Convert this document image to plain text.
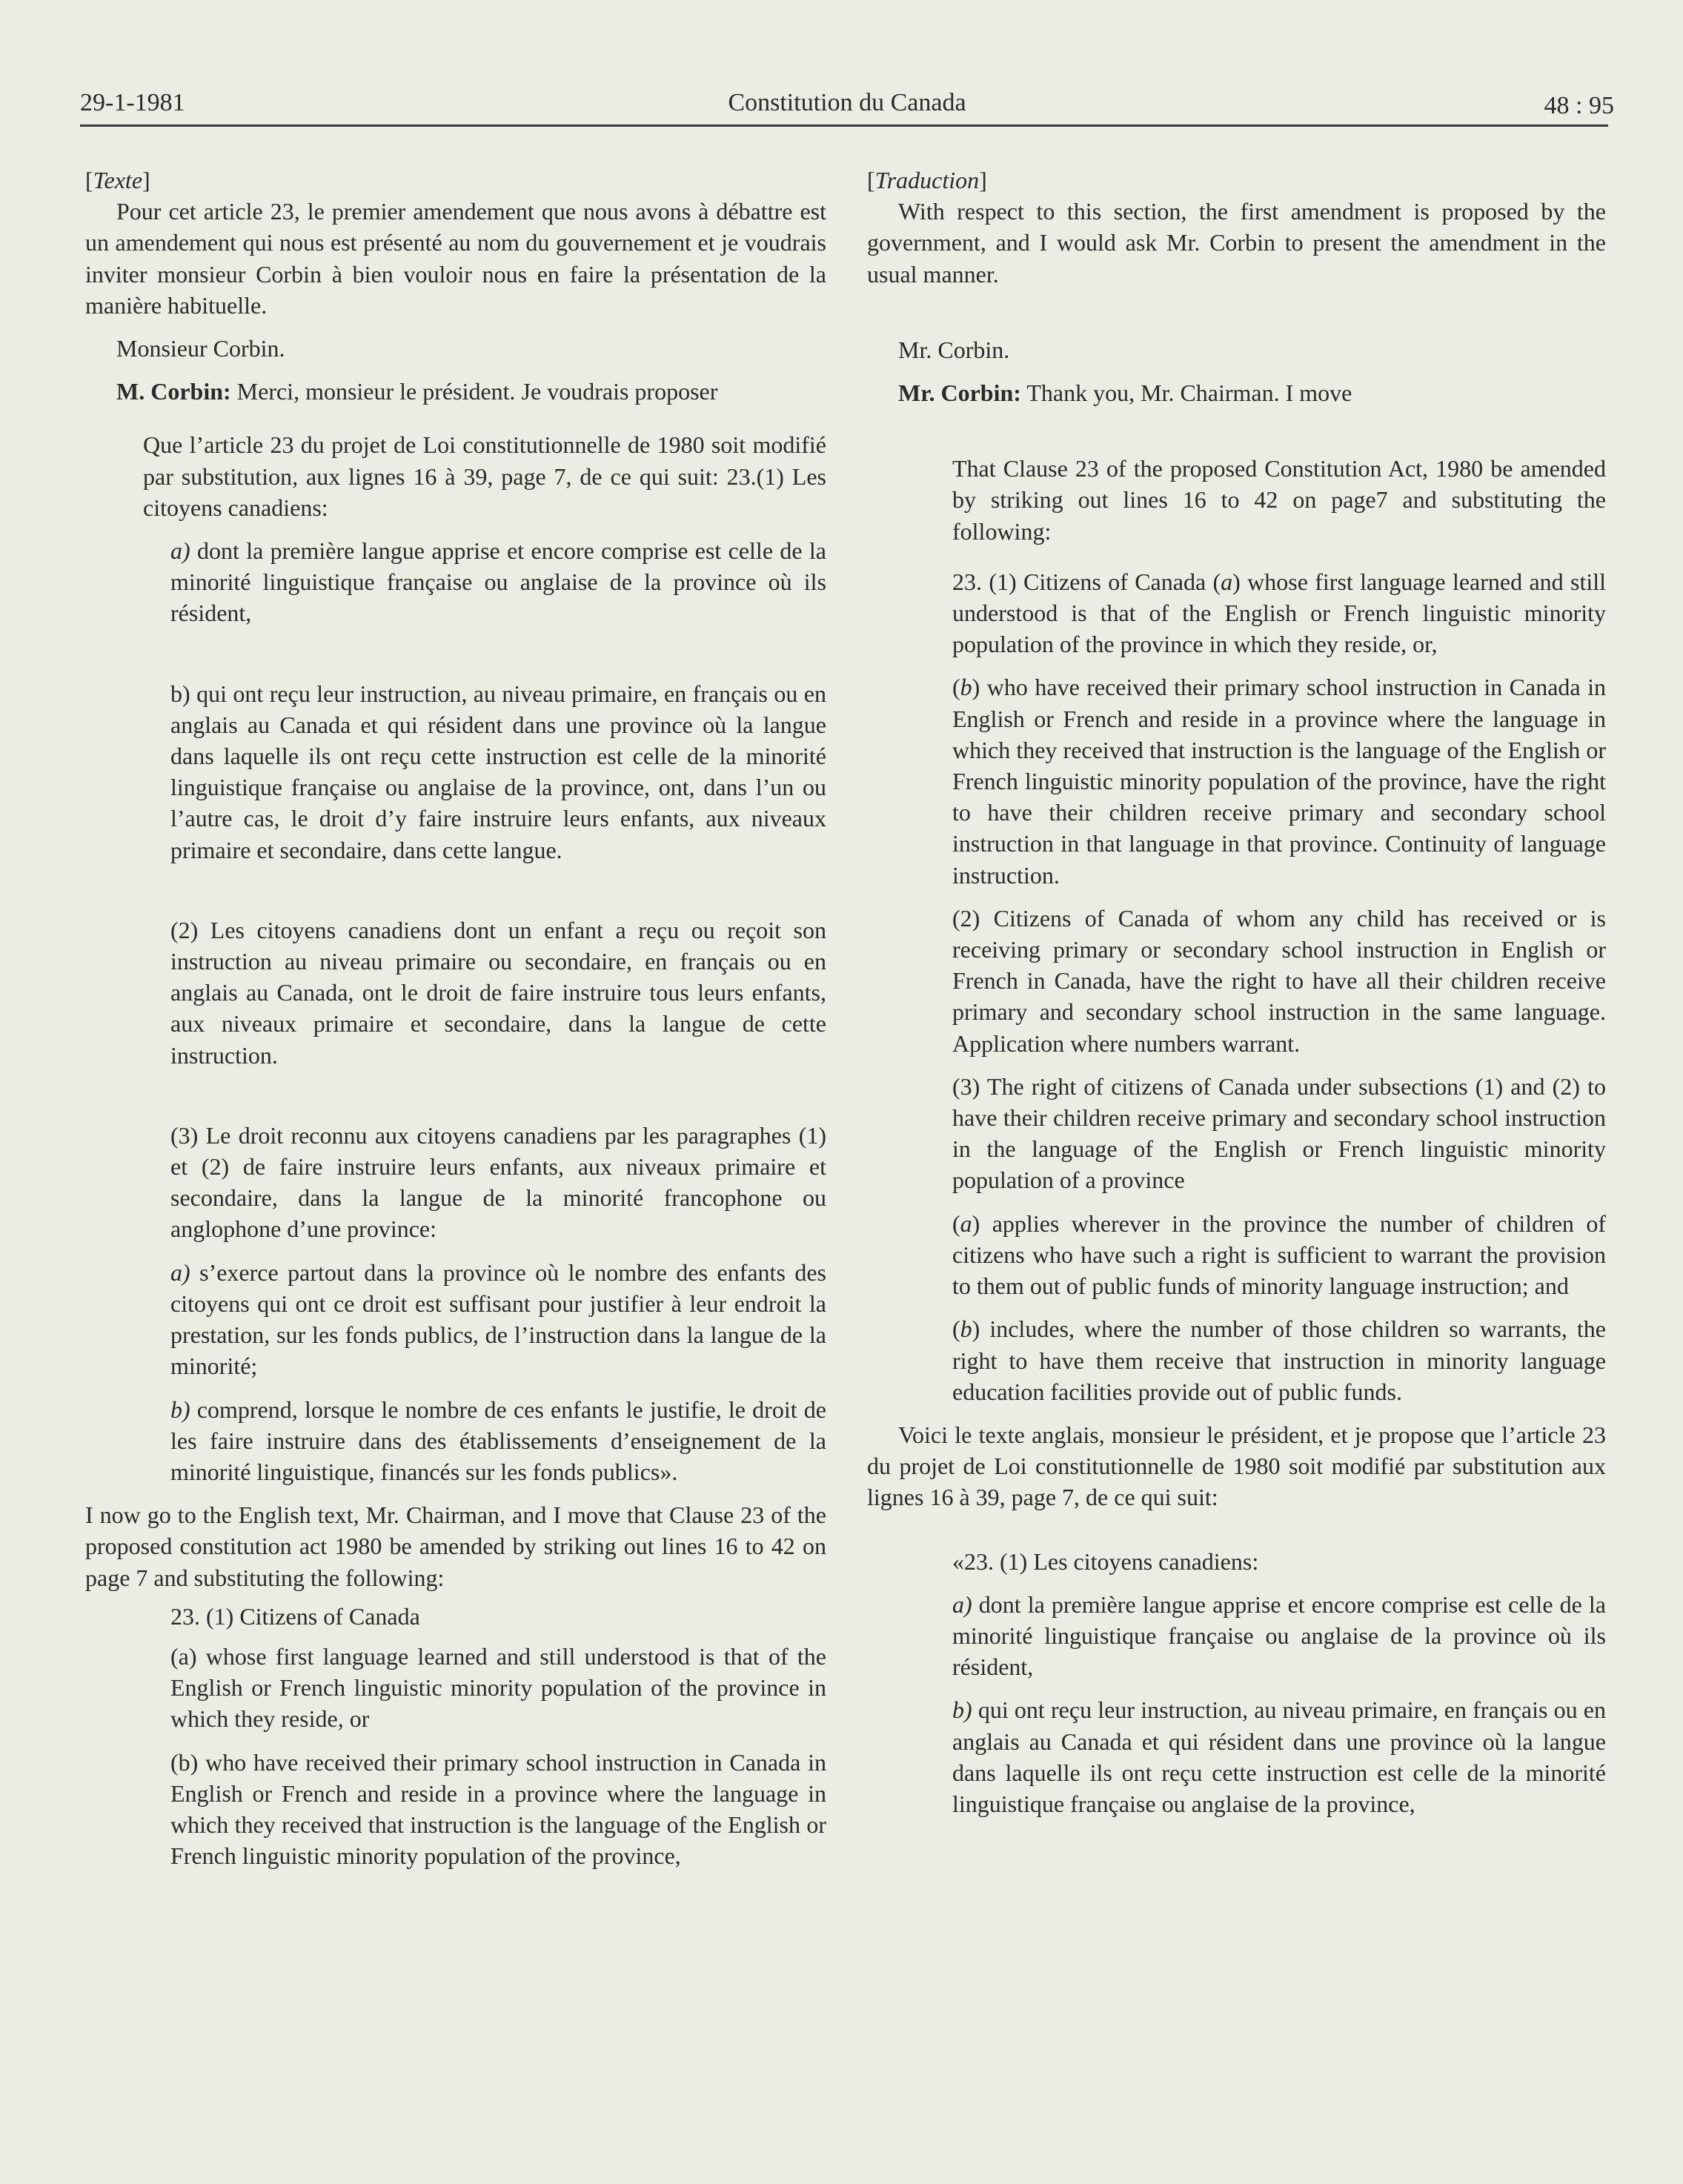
29-1-1981	Constitution du Canada	48 : 95

[Texte]

Pour cet article 23, le premier amendement que nous avons à débattre est un amendement qui nous est présenté au nom du gouvernement et je voudrais inviter monsieur Corbin à bien vouloir nous en faire la présentation de la manière habituelle.

Monsieur Corbin.

M. Corbin: Merci, monsieur le président. Je voudrais proposer

Que l’article 23 du projet de Loi constitutionnelle de 1980 soit modifié par substitution, aux lignes 16 à 39, page 7, de ce qui suit: 23.(1) Les citoyens canadiens:

a) dont la première langue apprise et encore comprise est celle de la minorité linguistique française ou anglaise de la province où ils résident,

b) qui ont reçu leur instruction, au niveau primaire, en français ou en anglais au Canada et qui résident dans une province où la langue dans laquelle ils ont reçu cette instruction est celle de la minorité linguistique française ou anglaise de la province, ont, dans l’un ou l’autre cas, le droit d’y faire instruire leurs enfants, aux niveaux primaire et secondaire, dans cette langue.

(2) Les citoyens canadiens dont un enfant a reçu ou reçoit son instruction au niveau primaire ou secondaire, en français ou en anglais au Canada, ont le droit de faire instruire tous leurs enfants, aux niveaux primaire et secondaire, dans la langue de cette instruction.

(3) Le droit reconnu aux citoyens canadiens par les paragraphes (1) et (2) de faire instruire leurs enfants, aux niveaux primaire et secondaire, dans la langue de la minorité francophone ou anglophone d’une province:

a) s’exerce partout dans la province où le nombre des enfants des citoyens qui ont ce droit est suffisant pour justifier à leur endroit la prestation, sur les fonds publics, de l’instruction dans la langue de la minorité;

b) comprend, lorsque le nombre de ces enfants le justifie, le droit de les faire instruire dans des établissements d’enseignement de la minorité linguistique, financés sur les fonds publics».

I now go to the English text, Mr. Chairman, and I move that Clause 23 of the proposed constitution act 1980 be amended by striking out lines 16 to 42 on page 7 and substituting the following:

23. (1) Citizens of Canada

(a) whose first language learned and still understood is that of the English or French linguistic minority population of the province in which they reside, or

(b) who have received their primary school instruction in Canada in English or French and reside in a province where the language in which they received that instruction is the language of the English or French linguistic minority population of the province,

[Traduction]

With respect to this section, the first amendment is proposed by the government, and I would ask Mr. Corbin to present the amendment in the usual manner.

Mr. Corbin.

Mr. Corbin: Thank you, Mr. Chairman. I move

That Clause 23 of the proposed Constitution Act, 1980 be amended by striking out lines 16 to 42 on page7 and substituting the following:

23. (1) Citizens of Canada (a) whose first language learned and still understood is that of the English or French linguistic minority population of the province in which they reside, or,

(b) who have received their primary school instruction in Canada in English or French and reside in a province where the language in which they received that instruction is the language of the English or French linguistic minority population of the province, have the right to have their children receive primary and secondary school instruction in that language in that province. Continuity of language instruction.

(2) Citizens of Canada of whom any child has received or is receiving primary or secondary school instruction in English or French in Canada, have the right to have all their children receive primary and secondary school instruction in the same language. Application where numbers warrant.

(3) The right of citizens of Canada under subsections (1) and (2) to have their children receive primary and secondary school instruction in the language of the English or French linguistic minority population of a province

(a) applies wherever in the province the number of children of citizens who have such a right is sufficient to warrant the provision to them out of public funds of minority language instruction; and

(b) includes, where the number of those children so warrants, the right to have them receive that instruction in minority language education facilities provide out of public funds.

Voici le texte anglais, monsieur le président, et je propose que l’article 23 du projet de Loi constitutionnelle de 1980 soit modifié par substitution aux lignes 16 à 39, page 7, de ce qui suit:

«23. (1) Les citoyens canadiens:

a) dont la première langue apprise et encore comprise est celle de la minorité linguistique française ou anglaise de la province où ils résident,

b) qui ont reçu leur instruction, au niveau primaire, en français ou en anglais au Canada et qui résident dans une province où la langue dans laquelle ils ont reçu cette instruction est celle de la minorité linguistique française ou anglaise de la province,
